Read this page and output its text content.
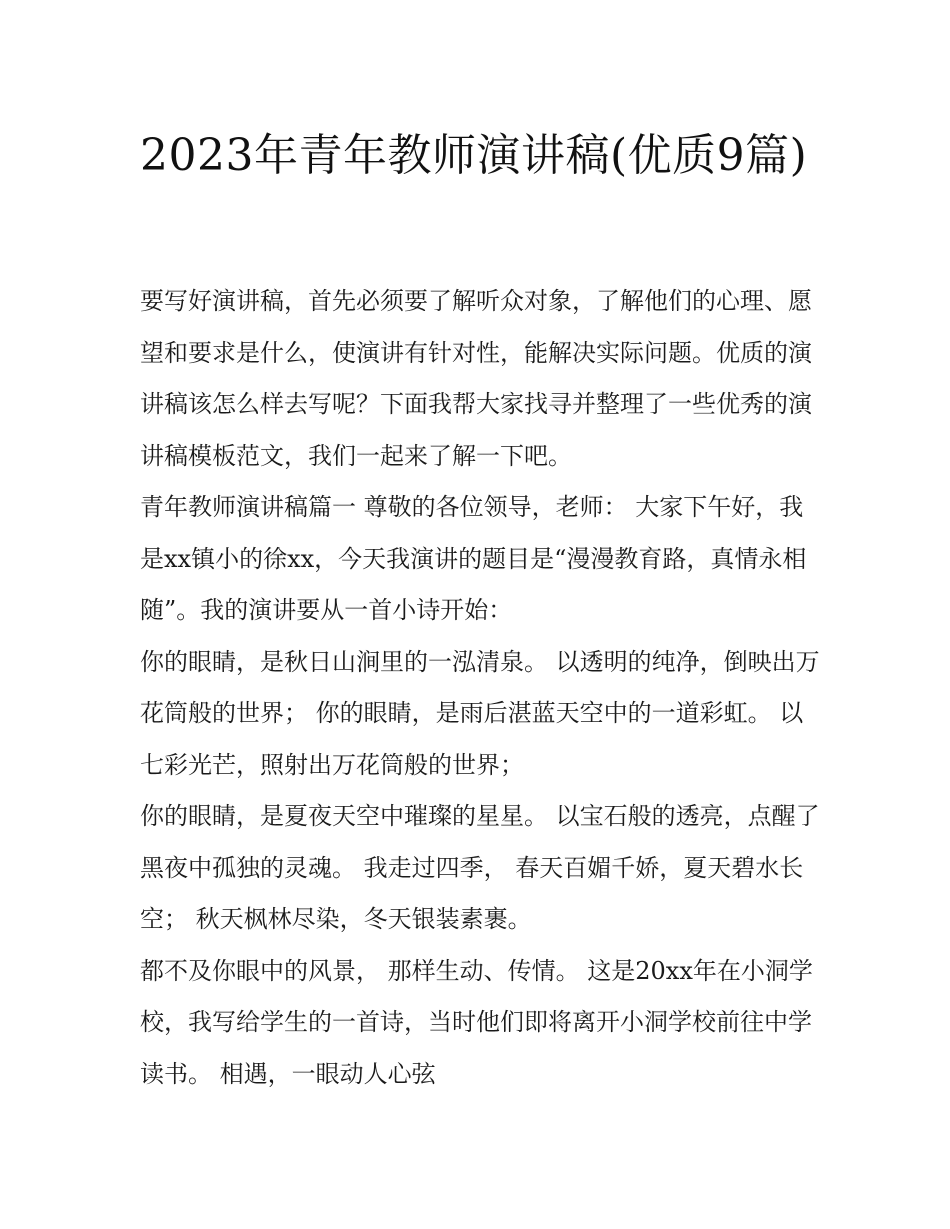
2023年青年教师演讲稿(优质9篇)

要写好演讲稿，首先必须要了解听众对象，了解他们的心理、愿望和要求是什么，使演讲有针对性，能解决实际问题。优质的演讲稿该怎么样去写呢？下面我帮大家找寻并整理了一些优秀的演讲稿模板范文，我们一起来了解一下吧。

青年教师演讲稿篇一 尊敬的各位领导，老师： 大家下午好，我是xx镇小的徐xx，今天我演讲的题目是“漫漫教育路，真情永相随”。我的演讲要从一首小诗开始：

你的眼睛，是秋日山涧里的一泓清泉。 以透明的纯净，倒映出万花筒般的世界； 你的眼睛，是雨后湛蓝天空中的一道彩虹。 以七彩光芒，照射出万花筒般的世界；

你的眼睛，是夏夜天空中璀璨的星星。 以宝石般的透亮，点醒了黑夜中孤独的灵魂。 我走过四季， 春天百媚千娇，夏天碧水长空； 秋天枫林尽染，冬天银装素裹。

都不及你眼中的风景， 那样生动、传情。 这是20xx年在小洞学校，我写给学生的一首诗，当时他们即将离开小洞学校前往中学读书。 相遇，一眼动人心弦
